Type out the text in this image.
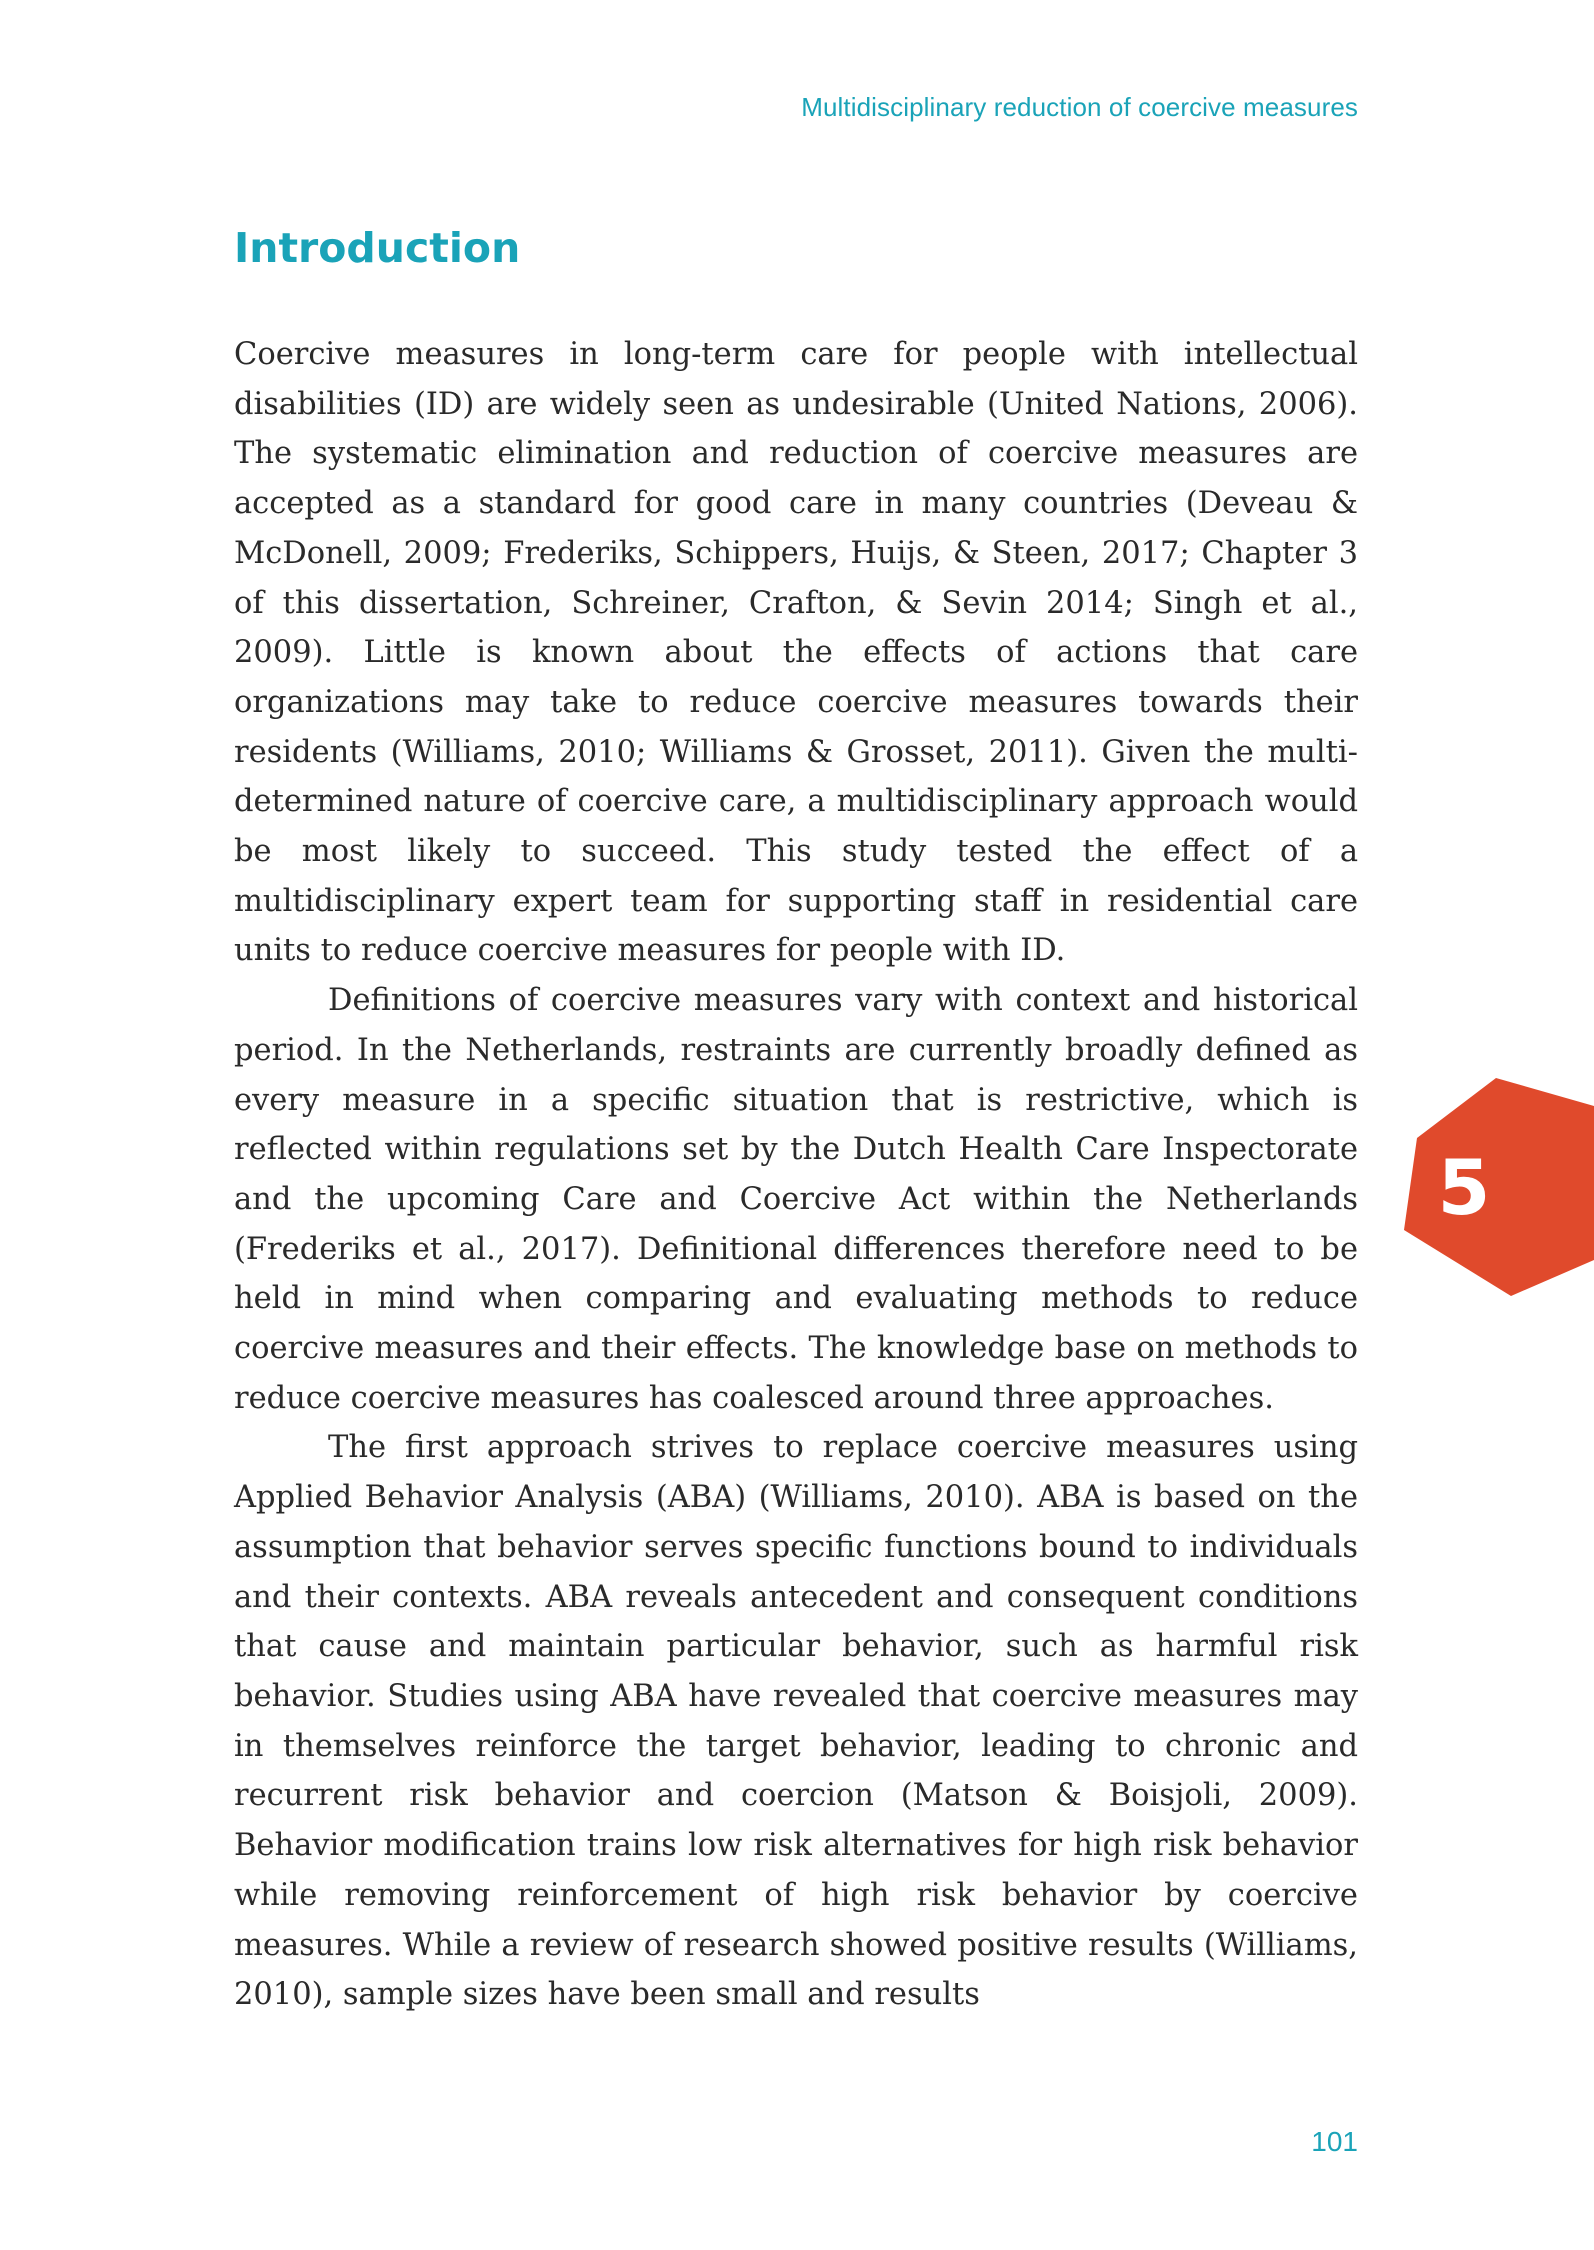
Multidisciplinary reduction of coercive measures
Introduction

Coercive measures in long-term care for people with intellectual disabilities (ID) are widely seen as undesirable (United Nations, 2006). The systematic elimination and reduction of coercive measures are accepted as a standard for good care in many countries (Deveau & McDonell, 2009; Frederiks, Schippers, Huijs, & Steen, 2017; Chapter 3 of this dissertation, Schreiner, Crafton, & Sevin 2014; Singh et al., 2009). Little is known about the effects of actions that care organizations may take to reduce coercive measures towards their residents (Williams, 2010; Williams & Grosset, 2011). Given the multi-determined nature of coercive care, a multidisciplinary approach would be most likely to succeed. This study tested the effect of a multidisciplinary expert team for supporting staff in residential care units to reduce coercive measures for people with ID.

Definitions of coercive measures vary with context and historical period. In the Netherlands, restraints are currently broadly defined as every measure in a specific situation that is restrictive, which is reflected within regulations set by the Dutch Health Care Inspectorate and the upcoming Care and Coercive Act within the Netherlands (Frederiks et al., 2017). Definitional differences therefore need to be held in mind when comparing and evaluating methods to reduce coercive measures and their effects. The knowledge base on methods to reduce coercive measures has coalesced around three approaches.

The first approach strives to replace coercive measures using Applied Behavior Analysis (ABA) (Williams, 2010). ABA is based on the assumption that behavior serves specific functions bound to individuals and their contexts. ABA reveals antecedent and consequent conditions that cause and maintain particular behavior, such as harmful risk behavior. Studies using ABA have revealed that coercive measures may in themselves reinforce the target behavior, leading to chronic and recurrent risk behavior and coercion (Matson & Boisjoli, 2009). Behavior modification trains low risk alternatives for high risk behavior while removing reinforcement of high risk behavior by coercive measures. While a review of research showed positive results (Williams, 2010), sample sizes have been small and results

5
101
